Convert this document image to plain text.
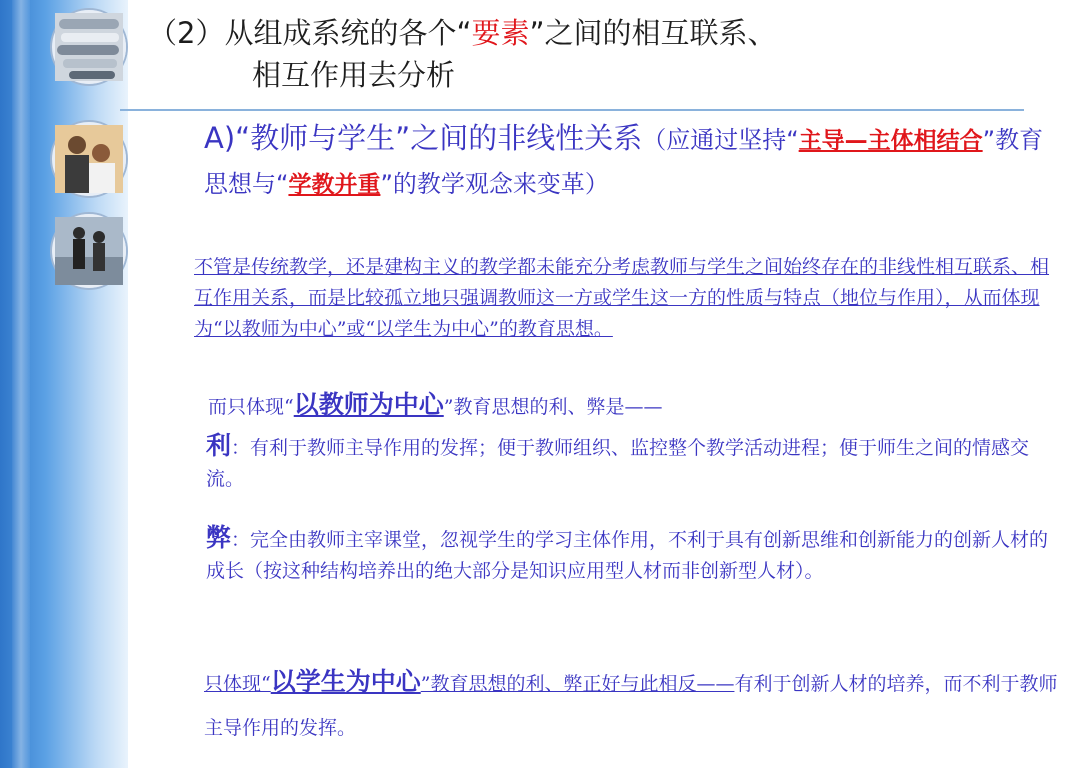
（2）从组成系统的各个“要素”之间的相互联系、
相互作用去分析
A)“教师与学生”之间的非线性关系（应通过坚持“主导—主体相结合”教育思想与“学教并重”的教学观念来变革）
不管是传统教学，还是建构主义的教学都未能充分考虑教师与学生之间始终存在的非线性相互联系、相互作用关系，而是比较孤立地只强调教师这一方或学生这一方的性质与特点（地位与作用），从而体现为“以教师为中心”或“以学生为中心”的教育思想。
而只体现“以教师为中心”教育思想的利、弊是——
利：有利于教师主导作用的发挥；便于教师组织、监控整个教学活动进程；便于师生之间的情感交流。
弊：完全由教师主宰课堂，忽视学生的学习主体作用，不利于具有创新思维和创新能力的创新人材的成长（按这种结构培养出的绝大部分是知识应用型人材而非创新型人材）。
只体现“以学生为中心”教育思想的利、弊正好与此相反——有利于创新人材的培养，而不利于教师主导作用的发挥。
